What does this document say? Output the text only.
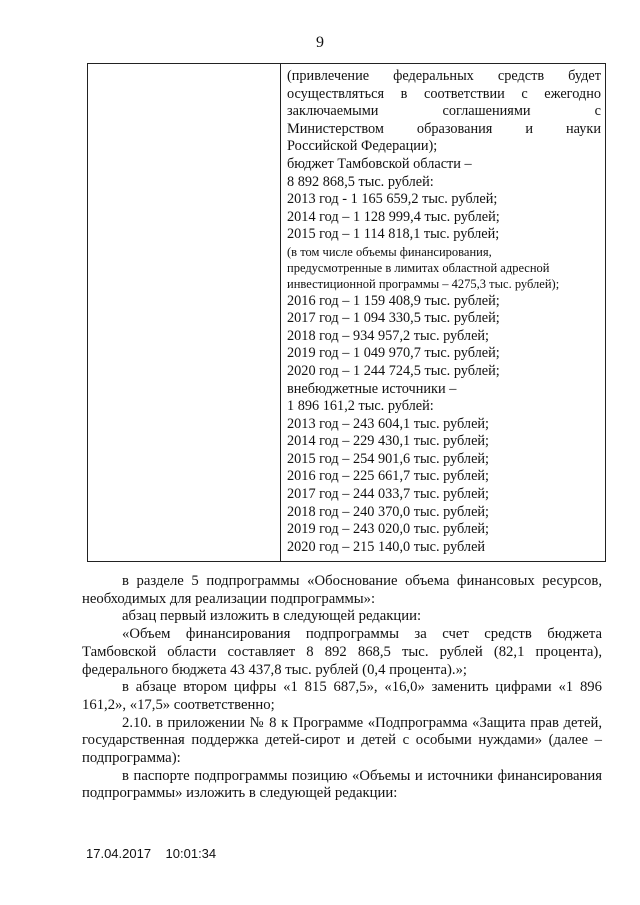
9
(привлечение федеральных средств будет
осуществляться в соответствии с ежегодно
заключаемыми соглашениями с
Министерством образования и науки
Российской Федерации);
бюджет Тамбовской области –
8 892 868,5 тыс. рублей:
2013 год - 1 165 659,2 тыс. рублей;
2014 год – 1 128 999,4 тыс. рублей;
2015 год – 1 114 818,1 тыс. рублей;
(в том числе объемы финансирования,
предусмотренные в лимитах областной адресной
инвестиционной программы – 4275,3 тыс. рублей);
2016 год – 1 159 408,9 тыс. рублей;
2017 год – 1 094 330,5 тыс. рублей;
2018 год – 934 957,2 тыс. рублей;
2019 год – 1 049 970,7 тыс. рублей;
2020 год – 1 244 724,5 тыс. рублей;
внебюджетные источники –
1 896 161,2 тыс. рублей:
2013 год – 243 604,1 тыс. рублей;
2014 год – 229 430,1 тыс. рублей;
2015 год – 254 901,6 тыс. рублей;
2016 год – 225 661,7 тыс. рублей;
2017 год – 244 033,7 тыс. рублей;
2018 год – 240 370,0 тыс. рублей;
2019 год – 243 020,0 тыс. рублей;
2020 год – 215 140,0 тыс. рублей

в разделе 5 подпрограммы «Обоснование объема финансовых ресурсов, необходимых для реализации подпрограммы»:

абзац первый изложить в следующей редакции:

«Объем финансирования подпрограммы за счет средств бюджета Тамбовской области составляет 8 892 868,5 тыс. рублей (82,1 процента), федерального бюджета 43 437,8 тыс. рублей (0,4 процента).»;

в абзаце втором цифры «1 815 687,5», «16,0» заменить цифрами «1 896 161,2», «17,5» соответственно;

2.10. в приложении № 8 к Программе «Подпрограмма «Защита прав детей, государственная поддержка детей-сирот и детей с особыми нуждами» (далее – подпрограмма):

в паспорте подпрограммы позицию «Объемы и источники финансирования подпрограммы» изложить в следующей редакции:

17.04.2017 10:01:34
